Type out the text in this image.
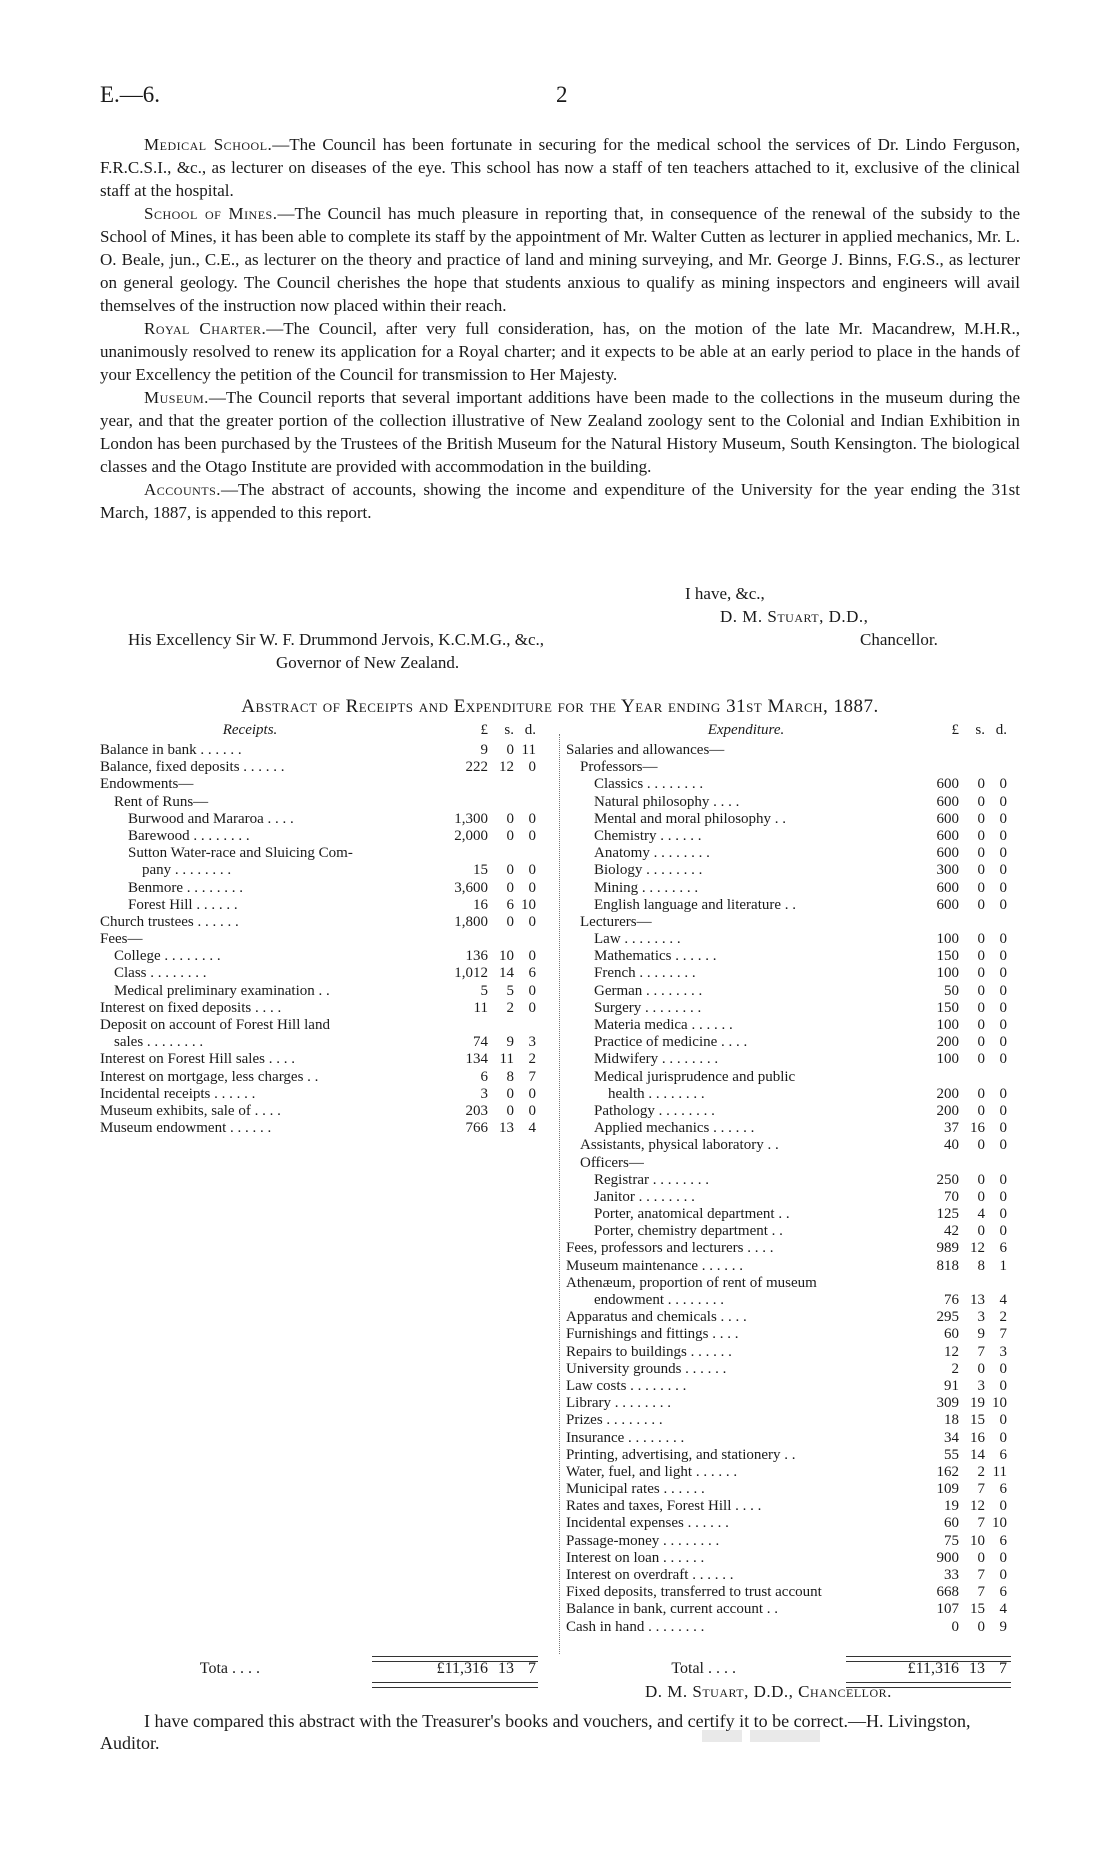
E.—6.	2

Medical School.—The Council has been fortunate in securing for the medical school the services of Dr. Lindo Ferguson, F.R.C.S.I., &c., as lecturer on diseases of the eye. This school has now a staff of ten teachers attached to it, exclusive of the clinical staff at the hospital.

School of Mines.—The Council has much pleasure in reporting that, in consequence of the renewal of the subsidy to the School of Mines, it has been able to complete its staff by the appointment of Mr. Walter Cutten as lecturer in applied mechanics, Mr. L. O. Beale, jun., C.E., as lecturer on the theory and practice of land and mining surveying, and Mr. George J. Binns, F.G.S., as lecturer on general geology. The Council cherishes the hope that students anxious to qualify as mining inspectors and engineers will avail themselves of the instruction now placed within their reach.

Royal Charter.—The Council, after very full consideration, has, on the motion of the late Mr. Macandrew, M.H.R., unanimously resolved to renew its application for a Royal charter; and it expects to be able at an early period to place in the hands of your Excellency the petition of the Council for transmission to Her Majesty.

Museum.—The Council reports that several important additions have been made to the collections in the museum during the year, and that the greater portion of the collection illustrative of New Zealand zoology sent to the Colonial and Indian Exhibition in London has been purchased by the Trustees of the British Museum for the Natural History Museum, South Kensington. The biological classes and the Otago Institute are provided with accommodation in the building.

Accounts.—The abstract of accounts, showing the income and expenditure of the University for the year ending the 31st March, 1887, is appended to this report.

I have, &c.,
D. M. Stuart, D.D.,
His Excellency Sir W. F. Drummond Jervois, K.C.M.G., &c.,	Chancellor.
Governor of New Zealand.
Abstract of Receipts and Expenditure for the Year ending 31st March, 1887.
Receipts.	£	s. d.
Balance in bank . . . . . .	9	0 11
Balance, fixed deposits . . . . . .	222 12 0
Endowments—
Rent of Runs—
Burwood and Mararoa . . . .	1,300	0 0
Barewood . . . . . . . .	2,000	0 0
Sutton Water-race and Sluicing Com-
pany . . . . . . . .	15	0 0
Benmore . . . . . . . .	3,600	0 0
Forest Hill . . . . . .	16	6 10
Church trustees . . . . . .	1,800	0 0
Fees—
College . . . . . . . .	136 10 0
Class . . . . . . . .	1,012 14 6
Medical preliminary examination . .	5	5 0
Interest on fixed deposits . . . .	11	2 0
Deposit on account of Forest Hill land
sales . . . . . . . .	74	9 3
Interest on Forest Hill sales . . . .	134 11 2
Interest on mortgage, less charges . .	6	8 7
Incidental receipts . . . . . .	3	0 0
Museum exhibits, sale of . . . .	203	0 0
Museum endowment . . . . . .	766 13 4
Expenditure.	£	s. d.
Salaries and allowances—
Professors—
Classics . . . . . . . .	600	0 0
Natural philosophy . . . .	600	0 0
Mental and moral philosophy . .	600	0 0
Chemistry . . . . . .	600	0 0
Anatomy . . . . . . . .	600	0 0
Biology . . . . . . . .	300	0 0
Mining . . . . . . . .	600	0 0
English language and literature . .	600	0 0
Lecturers—
Law . . . . . . . .	100	0 0
Mathematics . . . . . .	150	0 0
French . . . . . . . .	100	0 0
German . . . . . . . .	50	0 0
Surgery . . . . . . . .	150	0 0
Materia medica . . . . . .	100	0 0
Practice of medicine . . . .	200	0 0
Midwifery . . . . . . . .	100	0 0
Medical jurisprudence and public
health . . . . . . . .	200	0 0
Pathology . . . . . . . .	200	0 0
Applied mechanics . . . . . .	37 16 0
Assistants, physical laboratory . .	40	0 0
Officers—
Registrar . . . . . . . .	250	0 0
Janitor . . . . . . . .	70	0 0
Porter, anatomical department . .	125	4 0
Porter, chemistry department . .	42	0 0
Fees, professors and lecturers . . . .	989 12 6
Museum maintenance . . . . . .	818	8 1
Athenæum, proportion of rent of museum
endowment . . . . . . . .	76 13 4
Apparatus and chemicals . . . .	295	3 2
Furnishings and fittings . . . .	60	9 7
Repairs to buildings . . . . . .	12	7 3
University grounds . . . . . .	2	0 0
Law costs . . . . . . . .	91	3 0
Library . . . . . . . .	309 19 10
Prizes . . . . . . . .	18 15 0
Insurance . . . . . . . .	34 16 0
Printing, advertising, and stationery . .	55 14 6
Water, fuel, and light . . . . . .	162	2 11
Municipal rates . . . . . .	109	7 6
Rates and taxes, Forest Hill . . . .	19 12 0
Incidental expenses . . . . . .	60	7 10
Passage-money . . . . . . . .	75 10 6
Interest on loan . . . . . .	900	0 0
Interest on overdraft . . . . . .	33	7 0
Fixed deposits, transferred to trust account	668	7 6
Balance in bank, current account . .	107 15 4
Cash in hand . . . . . . . .	0	0 9
Tota . . . .	£11,316 13 7	Total . . . .	£11,316 13 7
D. M. Stuart, D.D., Chancellor.
I have compared this abstract with the Treasurer's books and vouchers, and certify it to be correct.—H. Livingston, Auditor.
